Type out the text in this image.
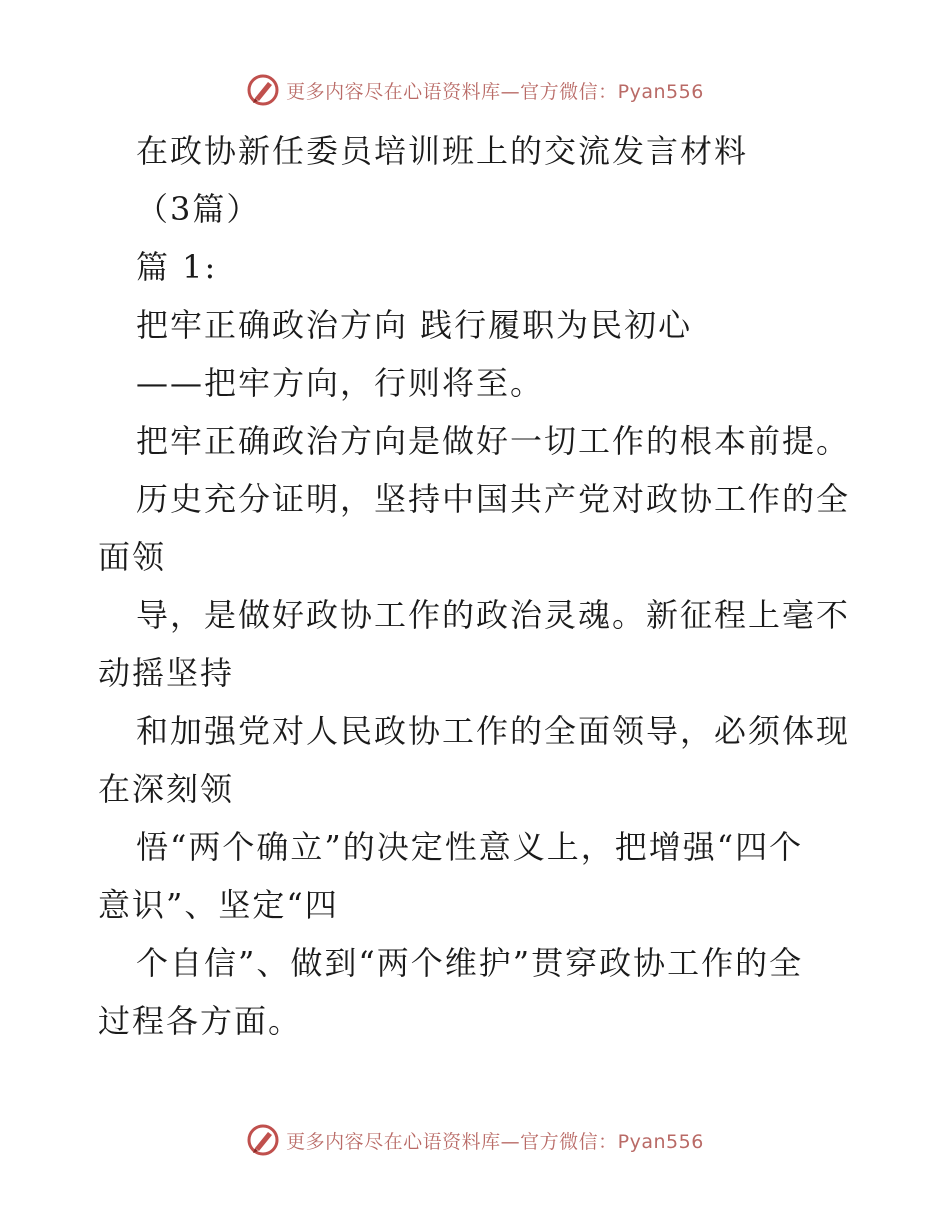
更多内容尽在心语资料库—官方微信：Pyan556
在政协新任委员培训班上的交流发言材料
（3篇）
篇 1:
把牢正确政治方向 践行履职为民初心
——把牢方向，行则将至。
把牢正确政治方向是做好一切工作的根本前提。
历史充分证明，坚持中国共产党对政协工作的全
面领
导，是做好政协工作的政治灵魂。新征程上毫不
动摇坚持
和加强党对人民政协工作的全面领导，必须体现
在深刻领
悟“两个确立”的决定性意义上，把增强“四个
意识”、坚定“四
个自信”、做到“两个维护”贯穿政协工作的全
过程各方面。
更多内容尽在心语资料库—官方微信：Pyan556
